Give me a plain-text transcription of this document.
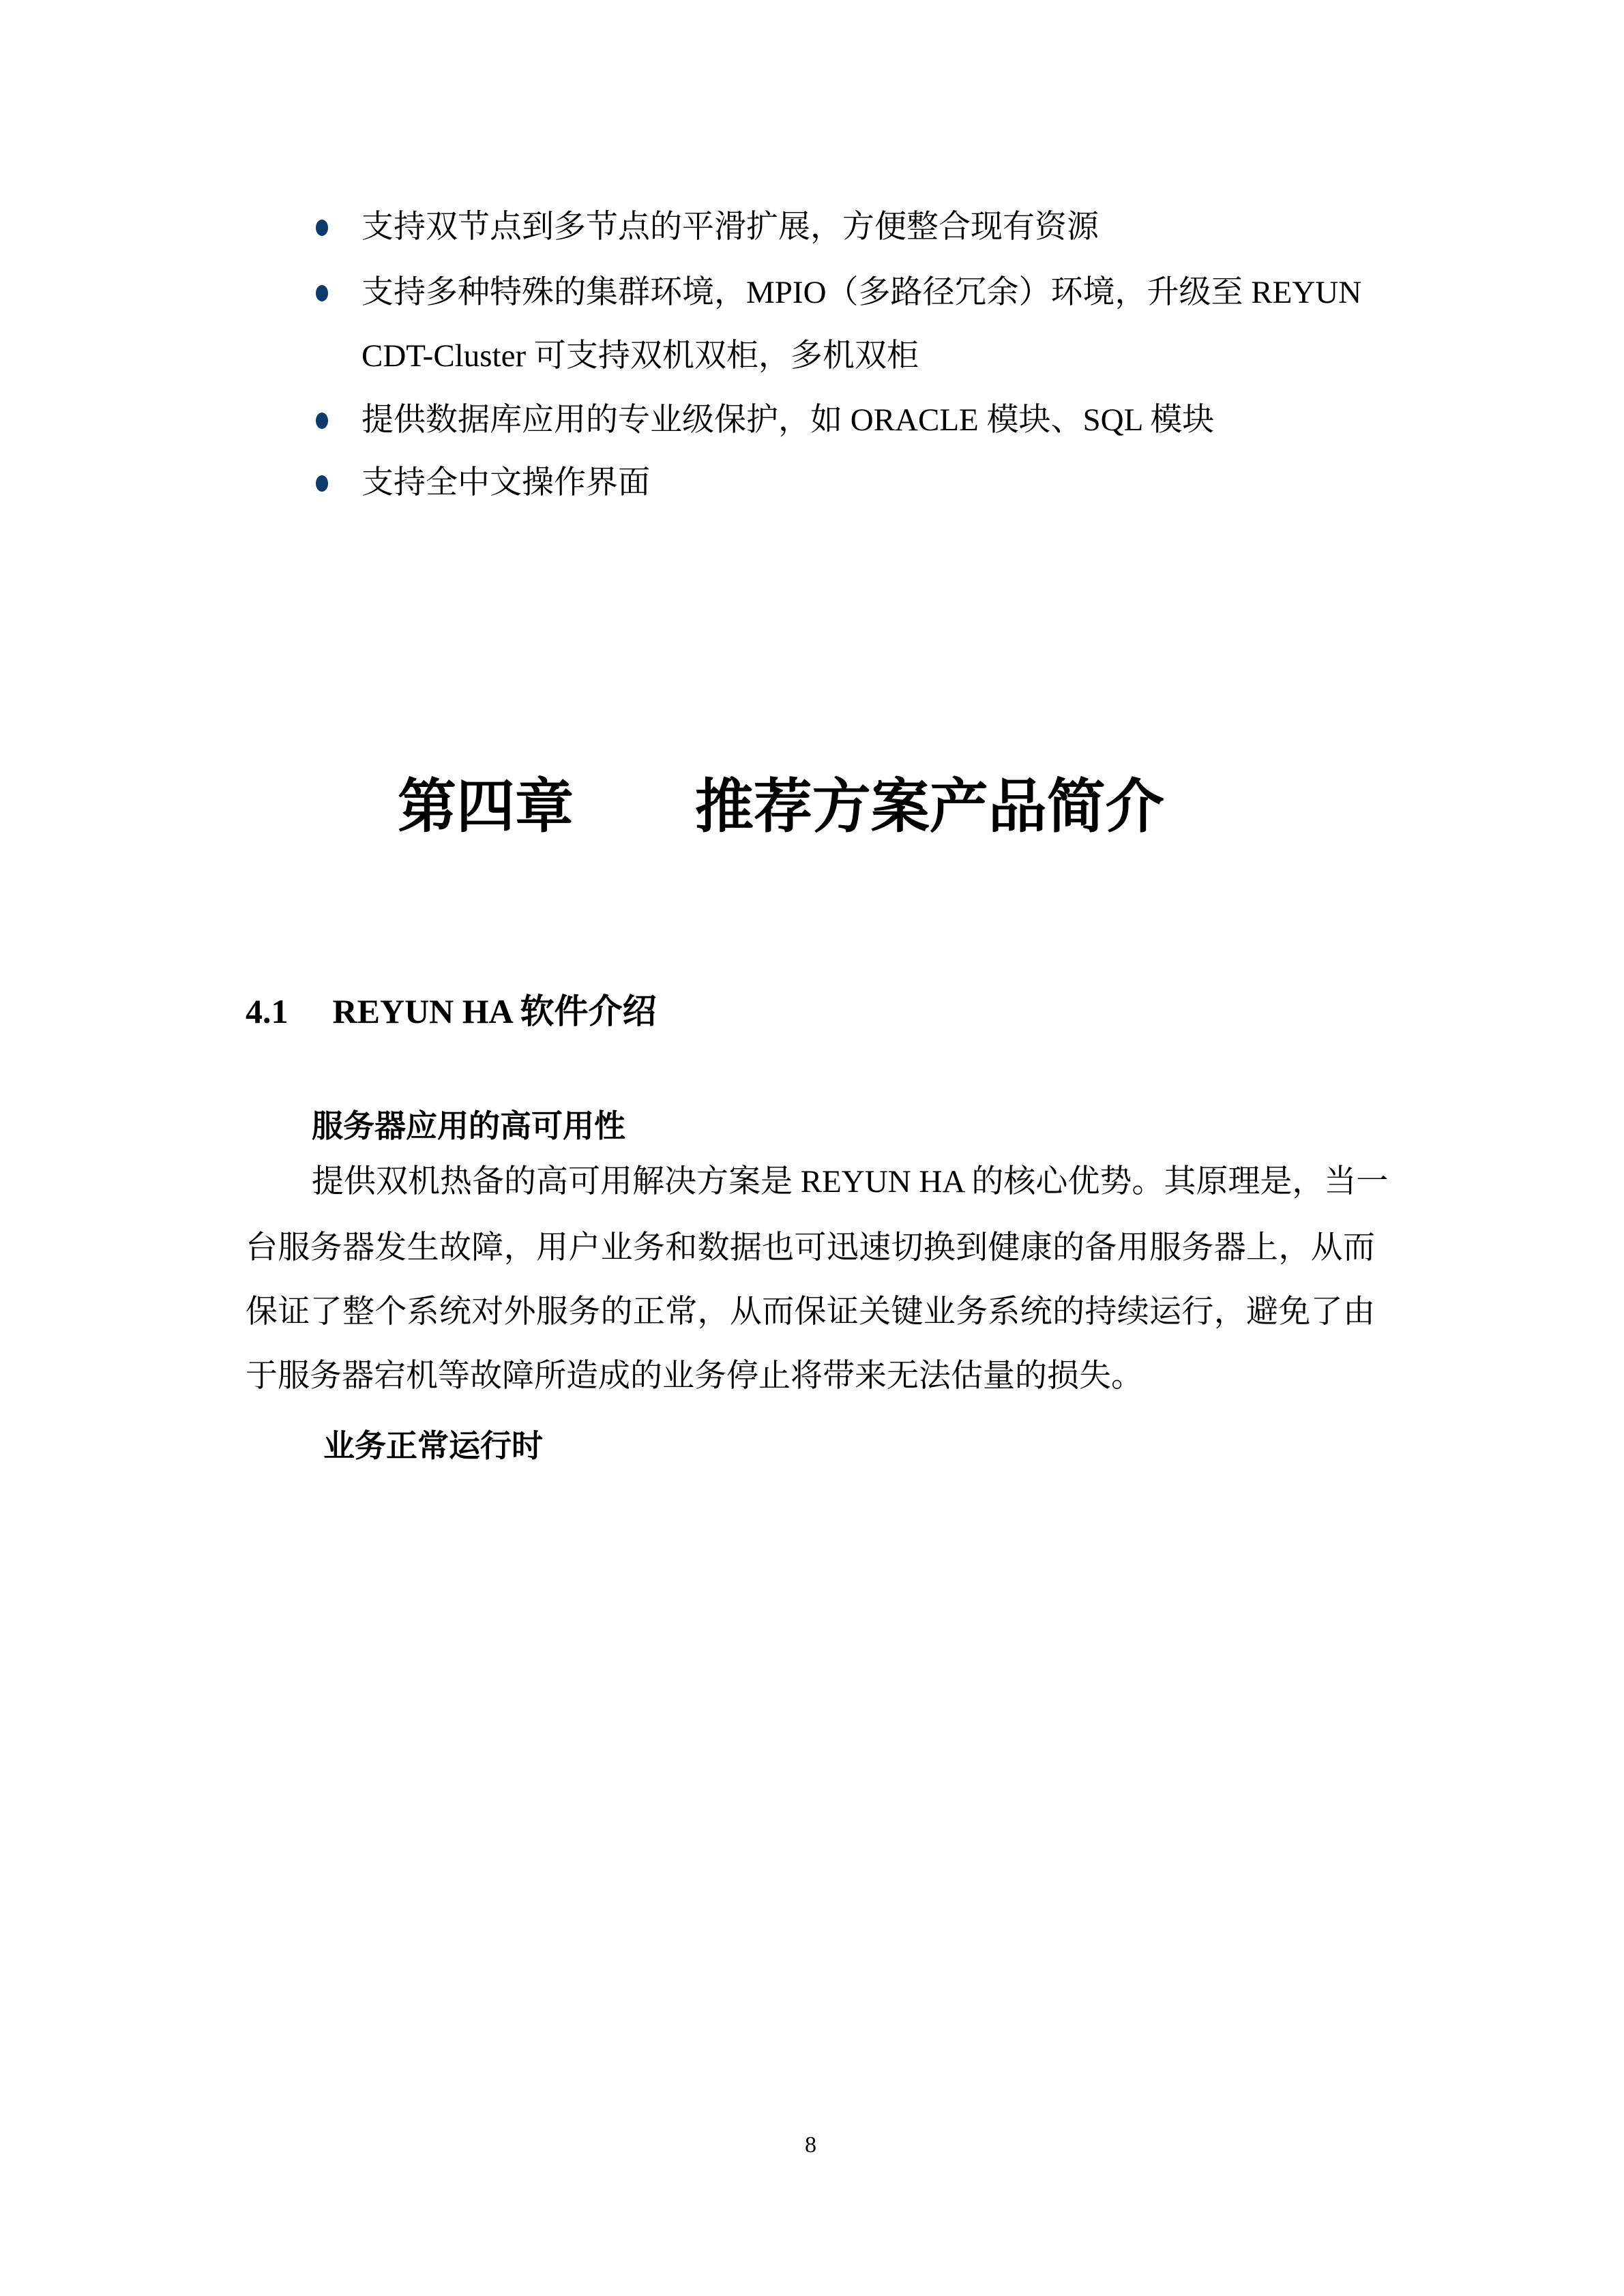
支持双节点到多节点的平滑扩展，方便整合现有资源
支持多种特殊的集群环境，MPIO（多路径冗余）环境，升级至 REYUN
CDT-Cluster 可支持双机双柜，多机双柜
提供数据库应用的专业级保护，如 ORACLE 模块、SQL 模块
支持全中文操作界面
第四章 推荐方案产品简介
4.1 REYUN HA 软件介绍
服务器应用的高可用性
提供双机热备的高可用解决方案是 REYUN HA 的核心优势。其原理是，当一
台服务器发生故障，用户业务和数据也可迅速切换到健康的备用服务器上，从而
保证了整个系统对外服务的正常，从而保证关键业务系统的持续运行，避免了由
于服务器宕机等故障所造成的业务停止将带来无法估量的损失。
业务正常运行时
8
